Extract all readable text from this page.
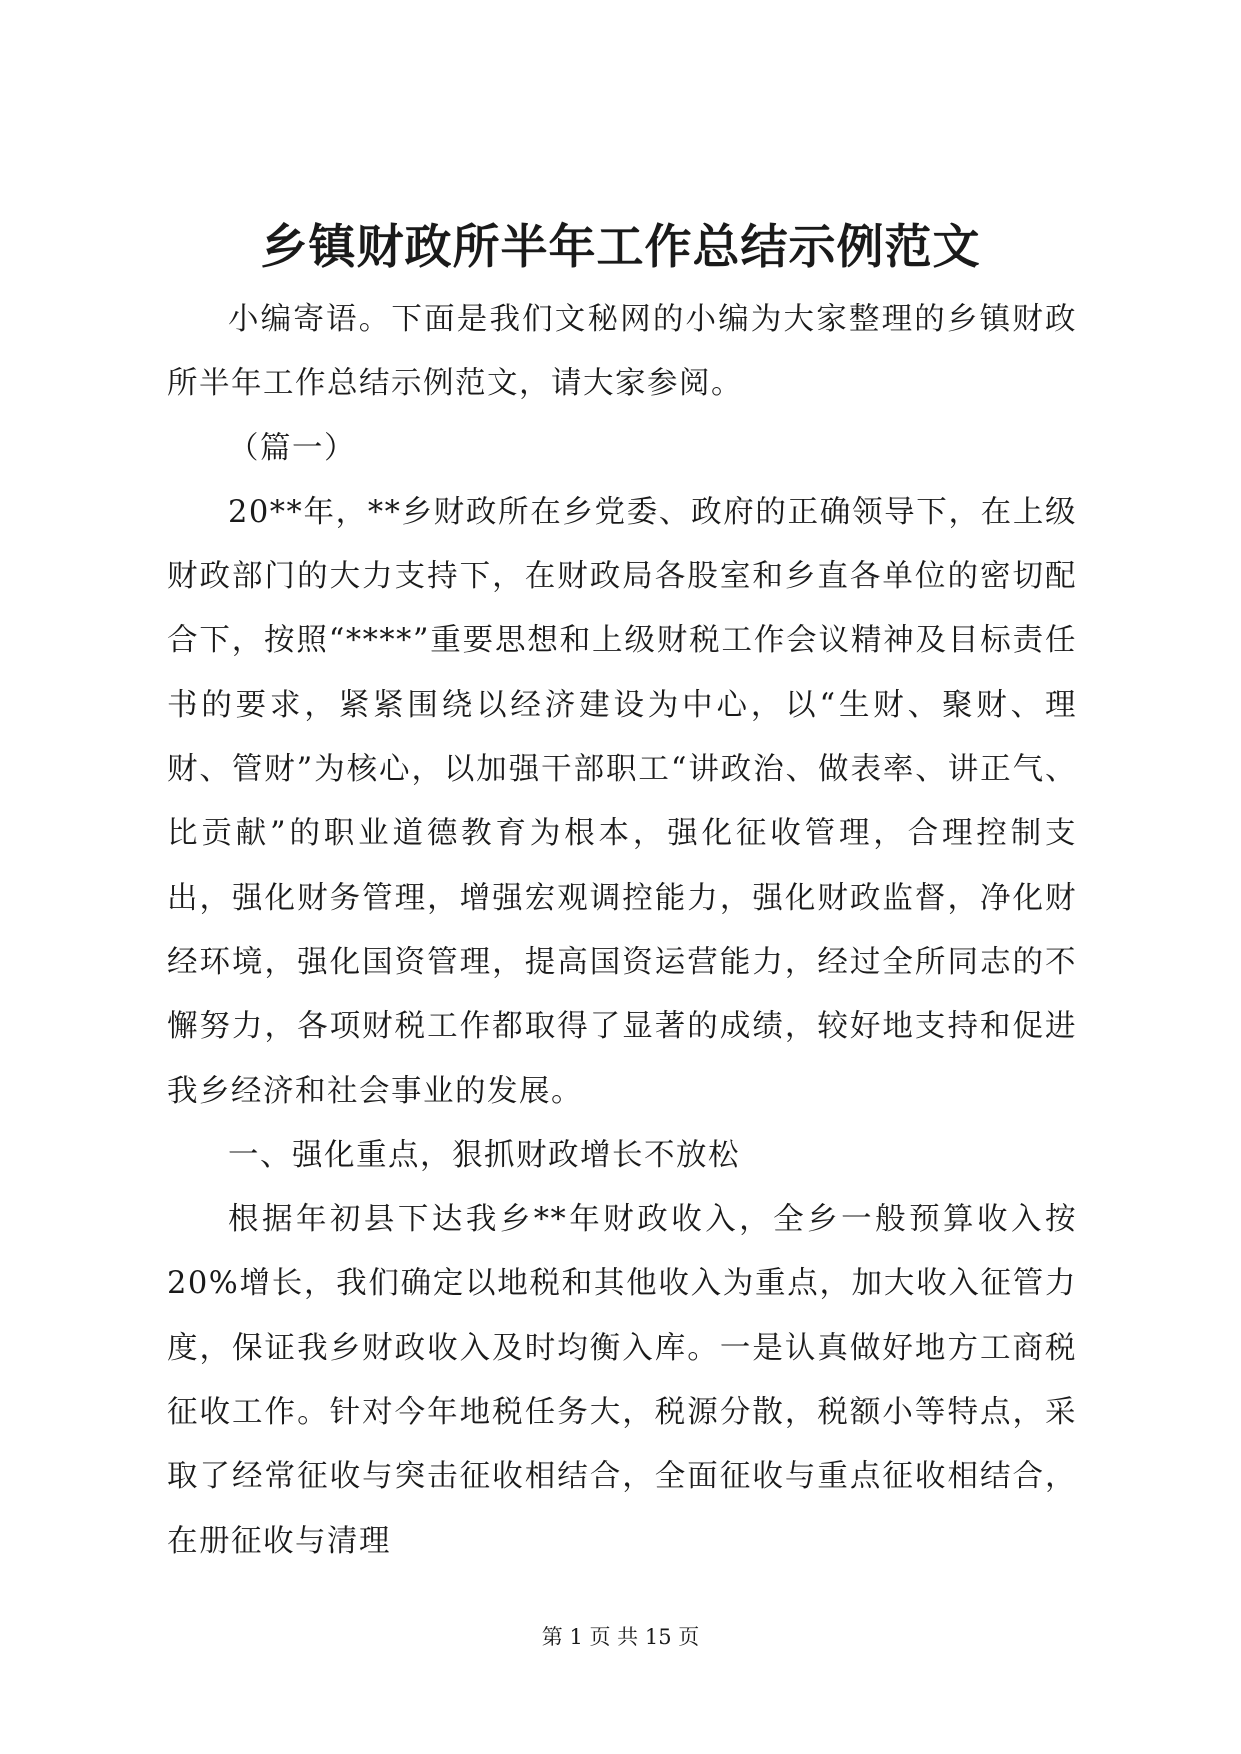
乡镇财政所半年工作总结示例范文

小编寄语。下面是我们文秘网的小编为大家整理的乡镇财政所半年工作总结示例范文，请大家参阅。

（篇一）

20**年，**乡财政所在乡党委、政府的正确领导下，在上级财政部门的大力支持下，在财政局各股室和乡直各单位的密切配合下，按照“****”重要思想和上级财税工作会议精神及目标责任书的要求，紧紧围绕以经济建设为中心，以“生财、聚财、理财、管财”为核心，以加强干部职工“讲政治、做表率、讲正气、比贡献”的职业道德教育为根本，强化征收管理，合理控制支出，强化财务管理，增强宏观调控能力，强化财政监督，净化财经环境，强化国资管理，提高国资运营能力，经过全所同志的不懈努力，各项财税工作都取得了显著的成绩，较好地支持和促进我乡经济和社会事业的发展。

一、强化重点，狠抓财政增长不放松

根据年初县下达我乡**年财政收入，全乡一般预算收入按20%增长，我们确定以地税和其他收入为重点，加大收入征管力度，保证我乡财政收入及时均衡入库。一是认真做好地方工商税征收工作。针对今年地税任务大，税源分散，税额小等特点，采取了经常征收与突击征收相结合，全面征收与重点征收相结合，在册征收与清理

第 1 页 共 15 页
